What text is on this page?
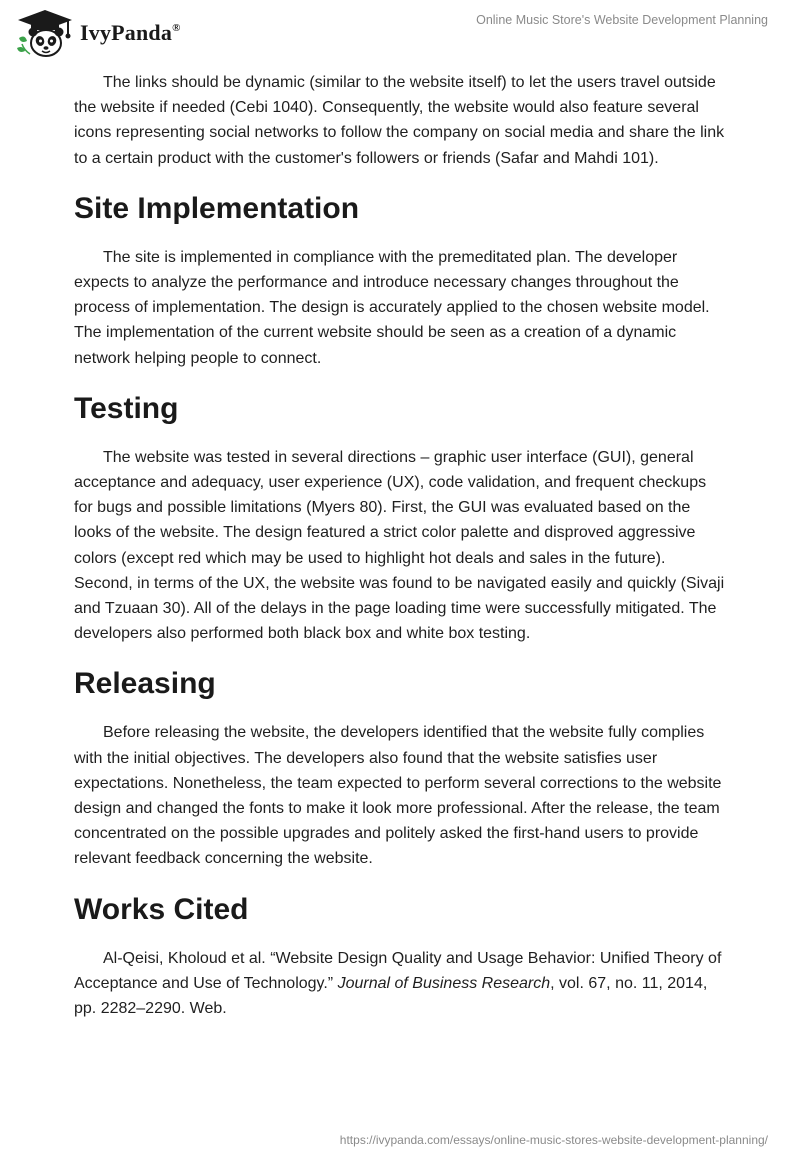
IvyPanda®
Online Music Store's Website Development Planning

The links should be dynamic (similar to the website itself) to let the users travel outside the website if needed (Cebi 1040). Consequently, the website would also feature several icons representing social networks to follow the company on social media and share the link to a certain product with the customer's followers or friends (Safar and Mahdi 101).

Site Implementation

The site is implemented in compliance with the premeditated plan. The developer expects to analyze the performance and introduce necessary changes throughout the process of implementation. The design is accurately applied to the chosen website model. The implementation of the current website should be seen as a creation of a dynamic network helping people to connect.

Testing

The website was tested in several directions – graphic user interface (GUI), general acceptance and adequacy, user experience (UX), code validation, and frequent checkups for bugs and possible limitations (Myers 80). First, the GUI was evaluated based on the looks of the website. The design featured a strict color palette and disproved aggressive colors (except red which may be used to highlight hot deals and sales in the future). Second, in terms of the UX, the website was found to be navigated easily and quickly (Sivaji and Tzuaan 30). All of the delays in the page loading time were successfully mitigated. The developers also performed both black box and white box testing.

Releasing

Before releasing the website, the developers identified that the website fully complies with the initial objectives. The developers also found that the website satisfies user expectations. Nonetheless, the team expected to perform several corrections to the website design and changed the fonts to make it look more professional. After the release, the team concentrated on the possible upgrades and politely asked the first-hand users to provide relevant feedback concerning the website.

Works Cited

Al-Qeisi, Kholoud et al. “Website Design Quality and Usage Behavior: Unified Theory of Acceptance and Use of Technology.” Journal of Business Research, vol. 67, no. 11, 2014, pp. 2282–2290. Web.

https://ivypanda.com/essays/online-music-stores-website-development-planning/
